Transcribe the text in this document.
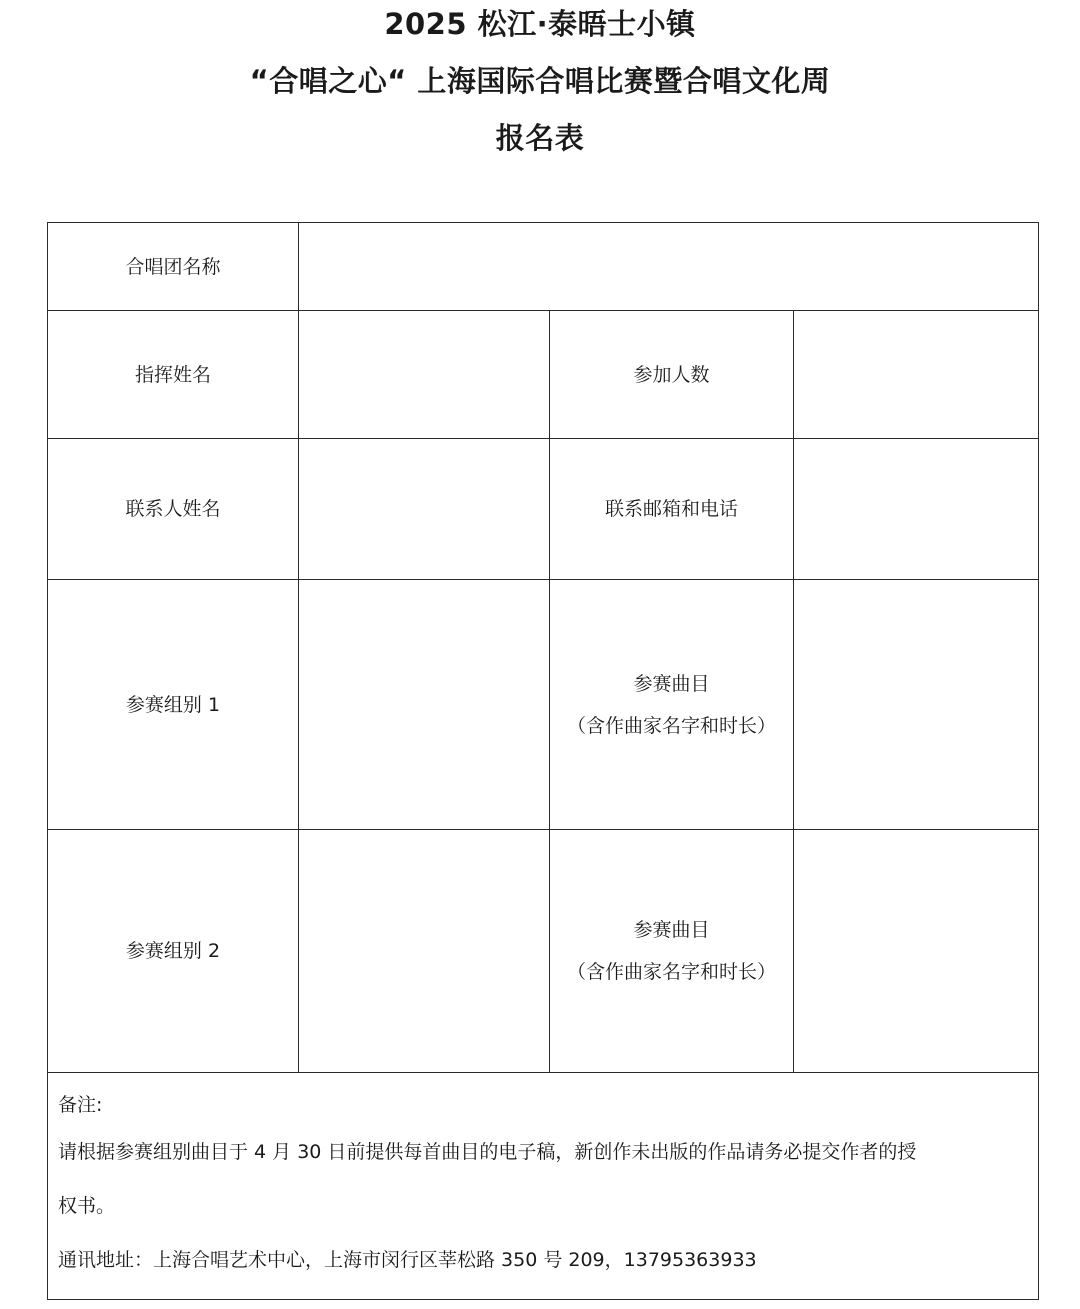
2025 松江·泰晤士小镇
“合唱之心“ 上海国际合唱比赛暨合唱文化周
报名表
合唱团名称			
指挥姓名		参加人数	
联系人姓名		联系邮箱和电话	
参赛组别 1		参赛曲目
（含作曲家名字和时长）	

参赛组别 2		参赛曲目
（含作曲家名字和时长）	

备注:
请根据参赛组别曲目于 4 月 30 日前提供每首曲目的电子稿，新创作未出版的作品请务必提交作者的授
权书。
通讯地址：上海合唱艺术中心，上海市闵行区莘松路 350 号 209，13795363933			
